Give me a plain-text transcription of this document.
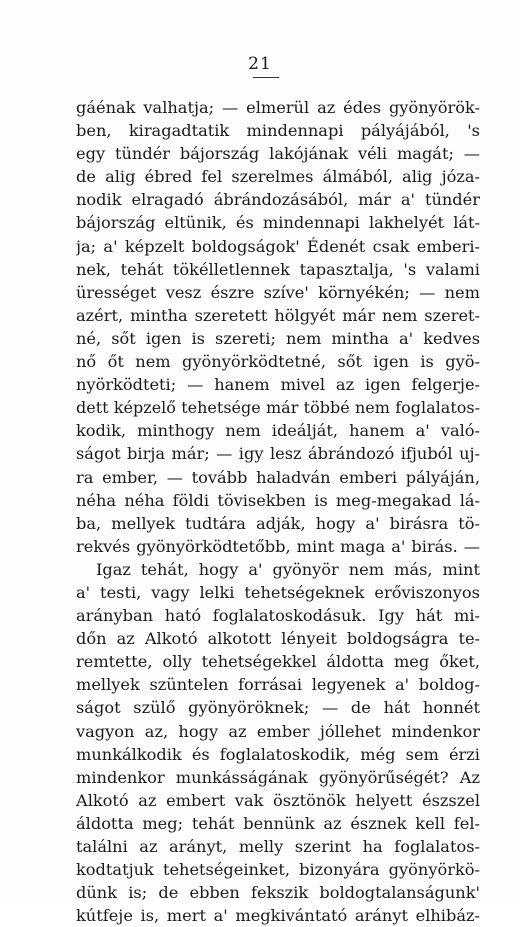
21
gáénak valhatja; — elmerül az édes gyönyörök-
ben, kiragadtatik mindennapi pályájából, 's
egy tündér bájország lakójának véli magát; —
de alig ébred fel szerelmes álmából, alig józa-
nodik elragadó ábrándozásából, már a' tündér
bájország eltünik, és mindennapi lakhelyét lát-
ja; a' képzelt boldogságok' Édenét csak emberi-
nek, tehát tökélletlennek tapasztalja, 's valami
ürességet vesz észre szíve' környékén; — nem
azért, mintha szeretett hölgyét már nem szeret-
né, sőt igen is szereti; nem mintha a' kedves
nő őt nem gyönyörködtetné, sőt igen is gyö-
nyörködteti; — hanem mivel az igen felgerje-
dett képzelő tehetsége már többé nem foglalatos-
kodik, minthogy nem ideálját, hanem a' való-
ságot birja már; — igy lesz ábrándozó ifjuból uj-
ra ember, — tovább haladván emberi pályáján,
néha néha földi tövisekben is meg-megakad lá-
ba, mellyek tudtára adják, hogy a' birásra tö-
rekvés gyönyörködtetőbb, mint maga a' birás. —
Igaz tehát, hogy a' gyönyör nem más, mint
a' testi, vagy lelki tehetségeknek erőviszonyos
arányban ható foglalatoskodásuk. Igy hát mi-
dőn az Alkotó alkotott lényeit boldogságra te-
remtette, olly tehetségekkel áldotta meg őket,
mellyek szüntelen forrásai legyenek a' boldog-
ságot szülő gyönyöröknek; — de hát honnét
vagyon az, hogy az ember jóllehet mindenkor
munkálkodik és foglalatoskodik, még sem érzi
mindenkor munkásságának gyönyörűségét? Az
Alkotó az embert vak ösztönök helyett észszel
áldotta meg; tehát bennünk az észnek kell fel-
találni az arányt, melly szerint ha foglalatos-
kodtatjuk tehetségeinket, bizonyára gyönyörkö-
dünk is; de ebben fekszik boldogtalanságunk'
kútfeje is, mert a' megkivántató arányt elhibáz-
